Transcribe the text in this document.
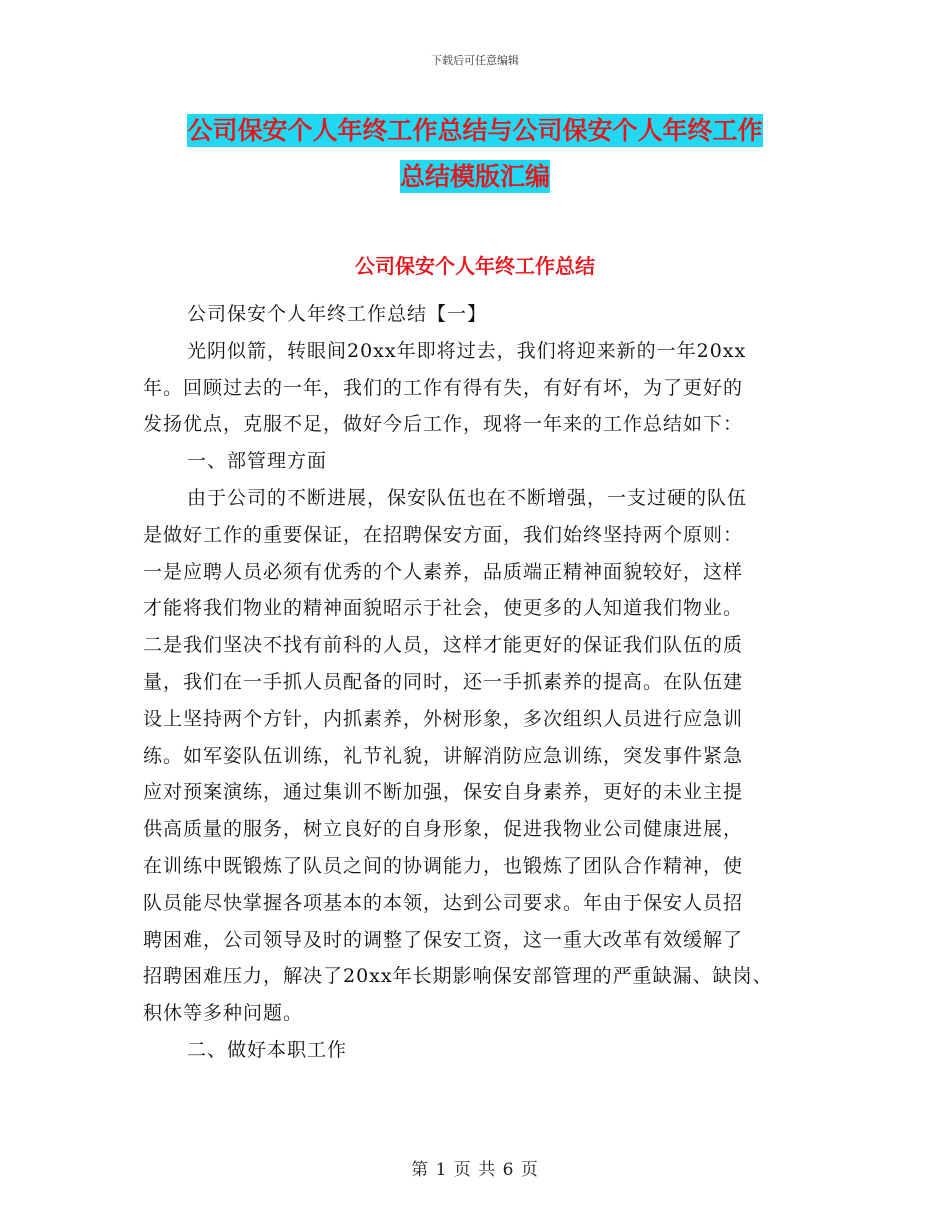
下载后可任意编辑
公司保安个人年终工作总结与公司保安个人年终工作
总结模版汇编
公司保安个人年终工作总结

公司保安个人年终工作总结【一】

光阴似箭，转眼间20xx年即将过去，我们将迎来新的一年20xx

年。回顾过去的一年，我们的工作有得有失，有好有坏，为了更好的

发扬优点，克服不足，做好今后工作，现将一年来的工作总结如下：

一、部管理方面

由于公司的不断进展，保安队伍也在不断增强，一支过硬的队伍

是做好工作的重要保证，在招聘保安方面，我们始终坚持两个原则：

一是应聘人员必须有优秀的个人素养，品质端正精神面貌较好，这样

才能将我们物业的精神面貌昭示于社会，使更多的人知道我们物业。

二是我们坚决不找有前科的人员，这样才能更好的保证我们队伍的质

量，我们在一手抓人员配备的同时，还一手抓素养的提高。在队伍建

设上坚持两个方针，内抓素养，外树形象，多次组织人员进行应急训

练。如军姿队伍训练，礼节礼貌，讲解消防应急训练，突发事件紧急

应对预案演练，通过集训不断加强，保安自身素养，更好的未业主提

供高质量的服务，树立良好的自身形象，促进我物业公司健康进展，

在训练中既锻炼了队员之间的协调能力，也锻炼了团队合作精神，使

队员能尽快掌握各项基本的本领，达到公司要求。年由于保安人员招

聘困难，公司领导及时的调整了保安工资，这一重大改革有效缓解了

招聘困难压力，解决了20xx年长期影响保安部管理的严重缺漏、缺岗、

积休等多种问题。

二、做好本职工作

第 1 页 共 6 页
